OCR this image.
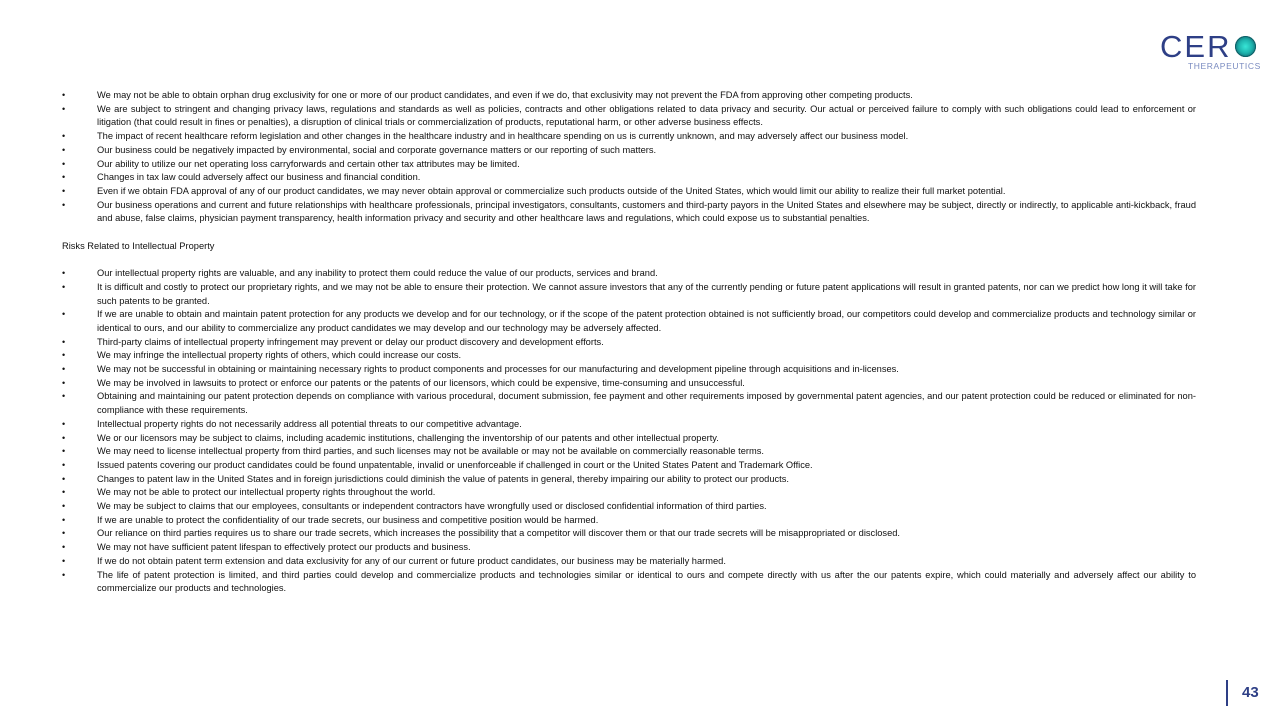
CER
THERAPEUTICS
•	We may not be able to obtain orphan drug exclusivity for one or more of our product candidates, and even if we do, that exclusivity may not prevent the FDA from approving other competing products.
•	We are subject to stringent and changing privacy laws, regulations and standards as well as policies, contracts and other obligations related to data privacy and security. Our actual or perceived failure to comply with such obligations could lead to enforcement or litigation (that could result in fines or penalties), a disruption of clinical trials or commercialization of products, reputational harm, or other adverse business effects.
•	The impact of recent healthcare reform legislation and other changes in the healthcare industry and in healthcare spending on us is currently unknown, and may adversely affect our business model.
•	Our business could be negatively impacted by environmental, social and corporate governance matters or our reporting of such matters.
•	Our ability to utilize our net operating loss carryforwards and certain other tax attributes may be limited.
•	Changes in tax law could adversely affect our business and financial condition.
•	Even if we obtain FDA approval of any of our product candidates, we may never obtain approval or commercialize such products outside of the United States, which would limit our ability to realize their full market potential.
•	Our business operations and current and future relationships with healthcare professionals, principal investigators, consultants, customers and third-party payors in the United States and elsewhere may be subject, directly or indirectly, to applicable anti-kickback, fraud and abuse, false claims, physician payment transparency, health information privacy and security and other healthcare laws and regulations, which could expose us to substantial penalties.
Risks Related to Intellectual Property
•	Our intellectual property rights are valuable, and any inability to protect them could reduce the value of our products, services and brand.
•	It is difficult and costly to protect our proprietary rights, and we may not be able to ensure their protection. We cannot assure investors that any of the currently pending or future patent applications will result in granted patents, nor can we predict how long it will take for such patents to be granted.
•	If we are unable to obtain and maintain patent protection for any products we develop and for our technology, or if the scope of the patent protection obtained is not sufficiently broad, our competitors could develop and commercialize products and technology similar or identical to ours, and our ability to commercialize any product candidates we may develop and our technology may be adversely affected.
•	Third-party claims of intellectual property infringement may prevent or delay our product discovery and development efforts.
•	We may infringe the intellectual property rights of others, which could increase our costs.
•	We may not be successful in obtaining or maintaining necessary rights to product components and processes for our manufacturing and development pipeline through acquisitions and in-licenses.
•	We may be involved in lawsuits to protect or enforce our patents or the patents of our licensors, which could be expensive, time-consuming and unsuccessful.
•	Obtaining and maintaining our patent protection depends on compliance with various procedural, document submission, fee payment and other requirements imposed by governmental patent agencies, and our patent protection could be reduced or eliminated for non-compliance with these requirements.
•	Intellectual property rights do not necessarily address all potential threats to our competitive advantage.
•	We or our licensors may be subject to claims, including academic institutions, challenging the inventorship of our patents and other intellectual property.
•	We may need to license intellectual property from third parties, and such licenses may not be available or may not be available on commercially reasonable terms.
•	Issued patents covering our product candidates could be found unpatentable, invalid or unenforceable if challenged in court or the United States Patent and Trademark Office.
•	Changes to patent law in the United States and in foreign jurisdictions could diminish the value of patents in general, thereby impairing our ability to protect our products.
•	We may not be able to protect our intellectual property rights throughout the world.
•	We may be subject to claims that our employees, consultants or independent contractors have wrongfully used or disclosed confidential information of third parties.
•	If we are unable to protect the confidentiality of our trade secrets, our business and competitive position would be harmed.
•	Our reliance on third parties requires us to share our trade secrets, which increases the possibility that a competitor will discover them or that our trade secrets will be misappropriated or disclosed.
•	We may not have sufficient patent lifespan to effectively protect our products and business.
•	If we do not obtain patent term extension and data exclusivity for any of our current or future product candidates, our business may be materially harmed.
•	The life of patent protection is limited, and third parties could develop and commercialize products and technologies similar or identical to ours and compete directly with us after the our patents expire, which could materially and adversely affect our ability to commercialize our products and technologies.
43
